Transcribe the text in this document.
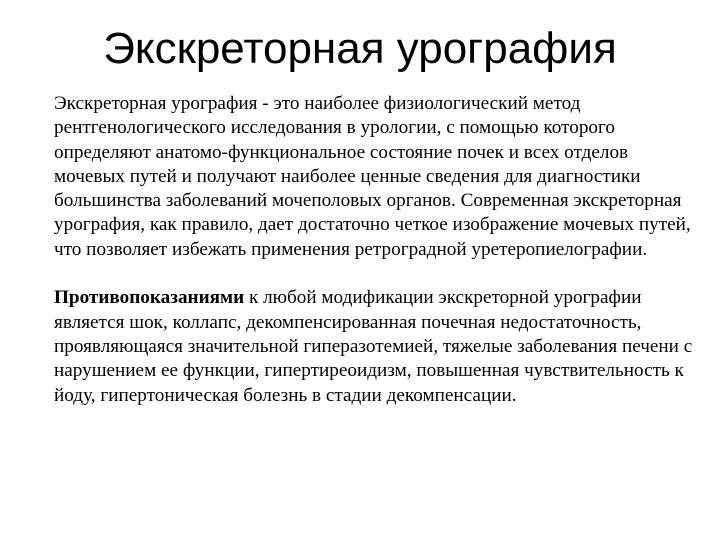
Экскреторная урография

Экскреторная урография - это наиболее физиологический метод рентгенологического исследования в урологии, с помощью которого определяют анатомо-функциональное состояние почек и всех отделов мочевых путей и получают наиболее ценные сведения для диагностики большинства заболеваний мочеполовых органов. Современная экскреторная урография, как правило, дает достаточно четкое изображение мочевых путей, что позволяет избежать применения ретроградной уретеропиелографии.

Противопоказаниями к любой модификации экскреторной урографии является шок, коллапс, декомпенсированная почечная недостаточность, проявляющаяся значительной гиперазотемией, тяжелые заболевания печени с нарушением ее функции, гипертиреоидизм, повышенная чувствительность к йоду, гипертоническая болезнь в стадии декомпенсации.
